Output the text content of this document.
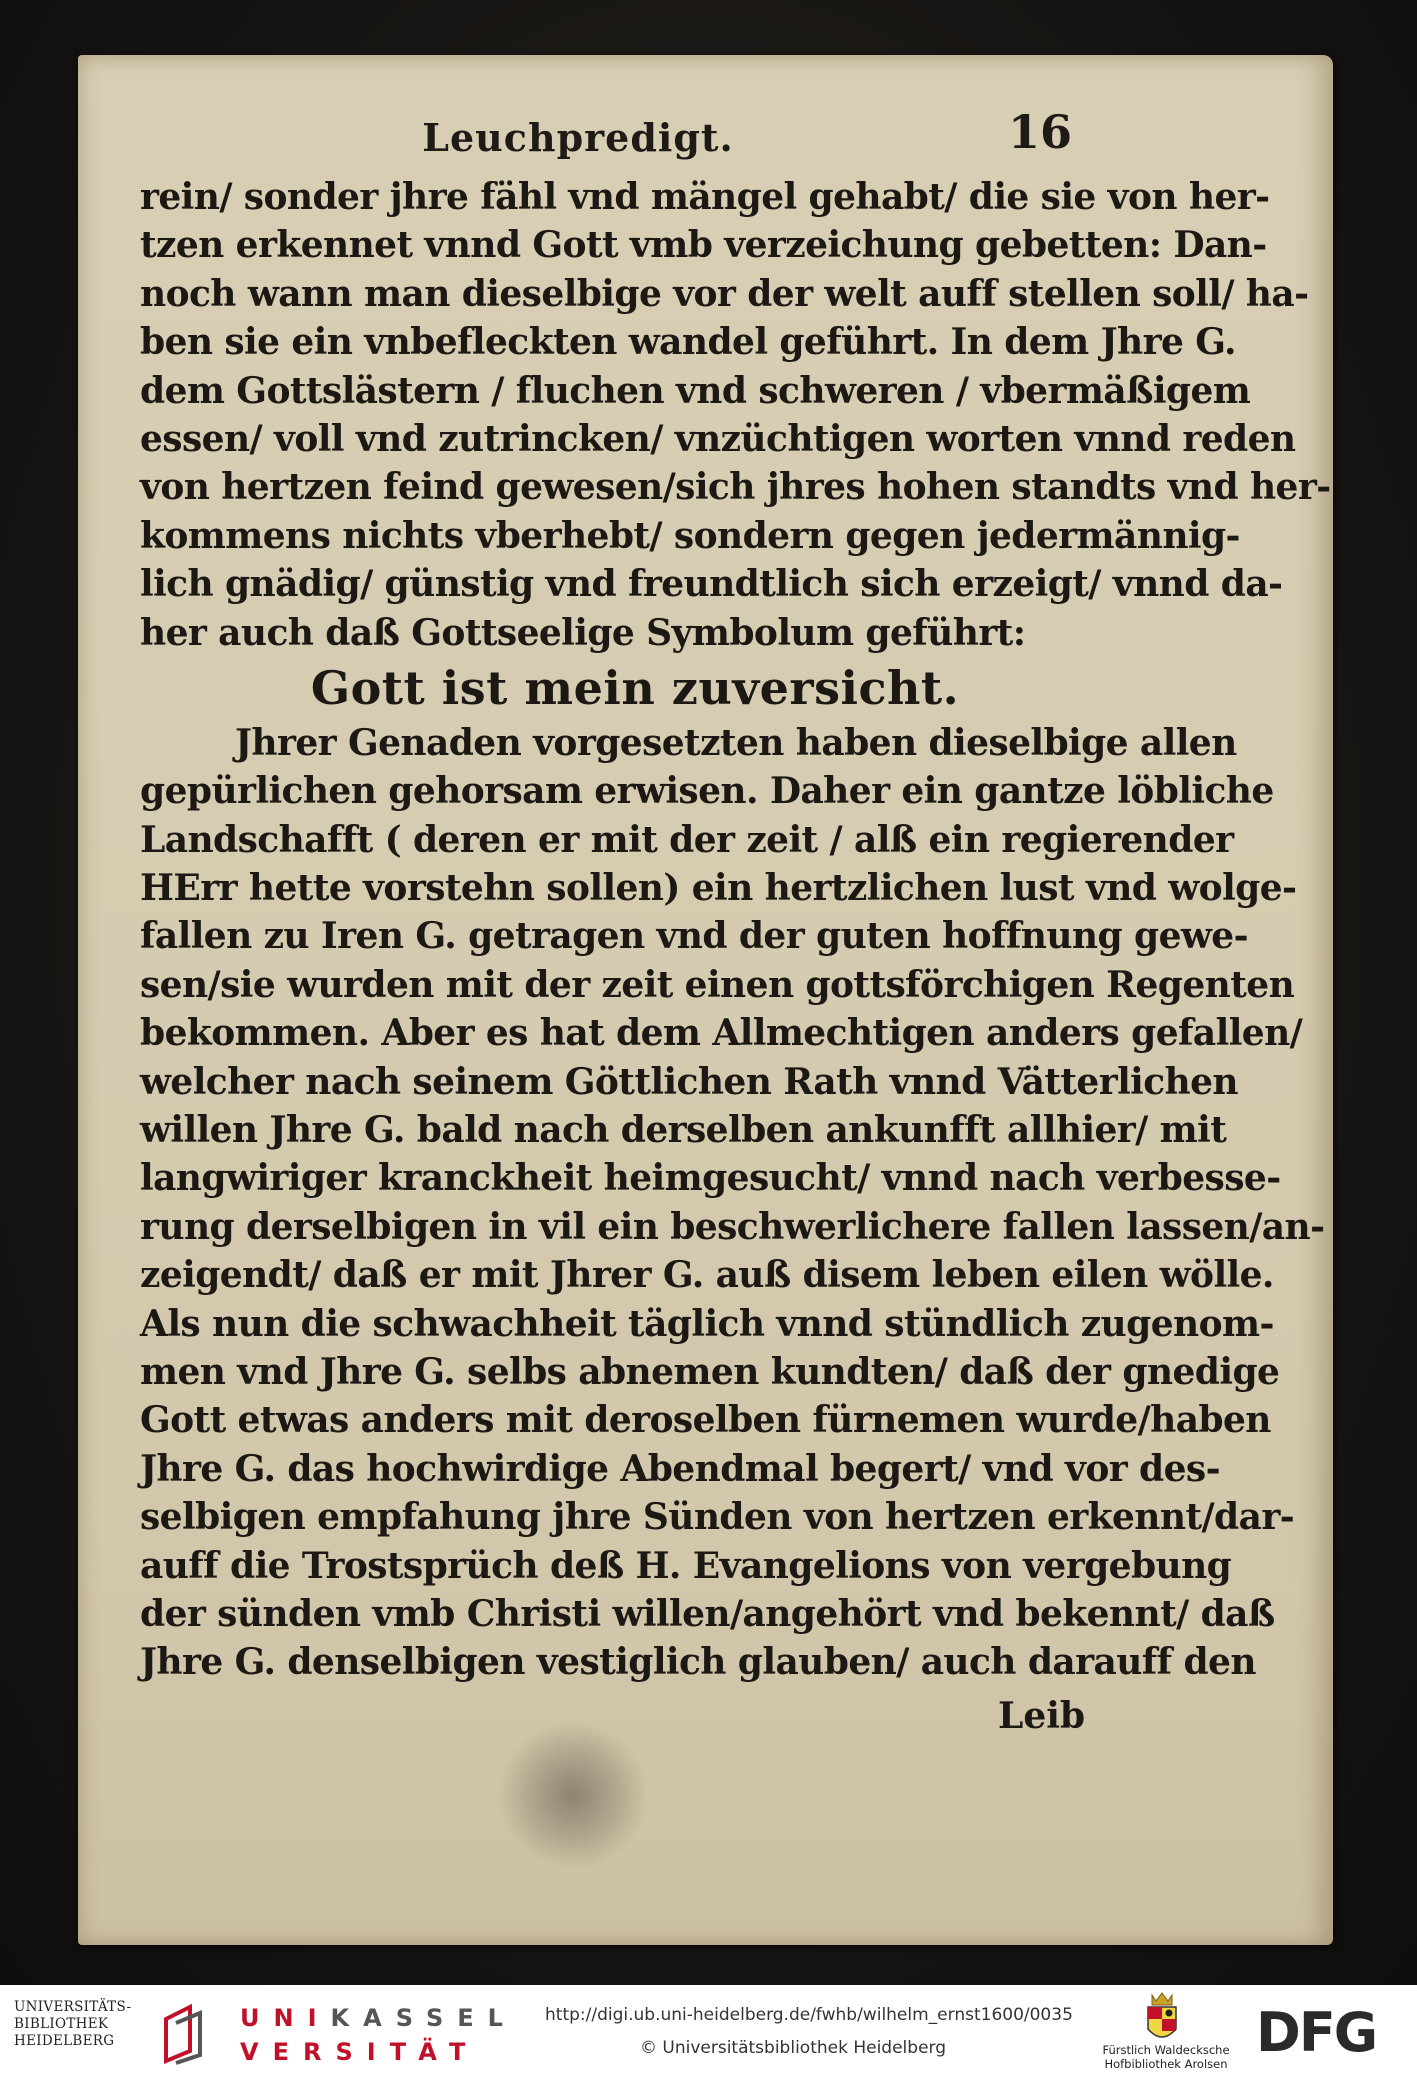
Leuchpredigt.	16
rein/ sonder jhre fähl vnd mängel gehabt/ die sie von her-
tzen erkennet vnnd Gott vmb verzeichung gebetten: Dan-
noch wann man dieselbige vor der welt auff stellen soll/ ha-
ben sie ein vnbefleckten wandel geführt. In dem Jhre G.
dem Gottslästern / fluchen vnd schweren / vbermäßigem
essen/ voll vnd zutrincken/ vnzüchtigen worten vnnd reden
von hertzen feind gewesen/sich jhres hohen standts vnd her-
kommens nichts vberhebt/ sondern gegen jedermännig-
lich gnädig/ günstig vnd freundtlich sich erzeigt/ vnnd da-
her auch daß Gottseelige Symbolum geführt:
Gott ist mein zuversicht.
Jhrer Genaden vorgesetzten haben dieselbige allen
gepürlichen gehorsam erwisen. Daher ein gantze löbliche
Landschafft ( deren er mit der zeit / alß ein regierender
HErr hette vorstehn sollen) ein hertzlichen lust vnd wolge-
fallen zu Iren G. getragen vnd der guten hoffnung gewe-
sen/sie wurden mit der zeit einen gottsförchigen Regenten
bekommen. Aber es hat dem Allmechtigen anders gefallen/
welcher nach seinem Göttlichen Rath vnnd Vätterlichen
willen Jhre G. bald nach derselben ankunfft allhier/ mit
langwiriger kranckheit heimgesucht/ vnnd nach verbesse-
rung derselbigen in vil ein beschwerlichere fallen lassen/an-
zeigendt/ daß er mit Jhrer G. auß disem leben eilen wölle.
Als nun die schwachheit täglich vnnd stündlich zugenom-
men vnd Jhre G. selbs abnemen kundten/ daß der gnedige
Gott etwas anders mit deroselben fürnemen wurde/haben
Jhre G. das hochwirdige Abendmal begert/ vnd vor des-
selbigen empfahung jhre Sünden von hertzen erkennt/dar-
auff die Trostsprüch deß H. Evangelions von vergebung
der sünden vmb Christi willen/angehört vnd bekennt/ daß
Jhre G. denselbigen vestiglich glauben/ auch darauff den
Leib
UNIVERSITÄTS-
BIBLIOTHEK
HEIDELBERG
UNIKASSEL
VERSITÄT
http://digi.ub.uni-heidelberg.de/fwhb/wilhelm_ernst1600/0035
© Universitätsbibliothek Heidelberg	Fürstlich Waldecksche
Hofbibliothek Arolsen DFG
